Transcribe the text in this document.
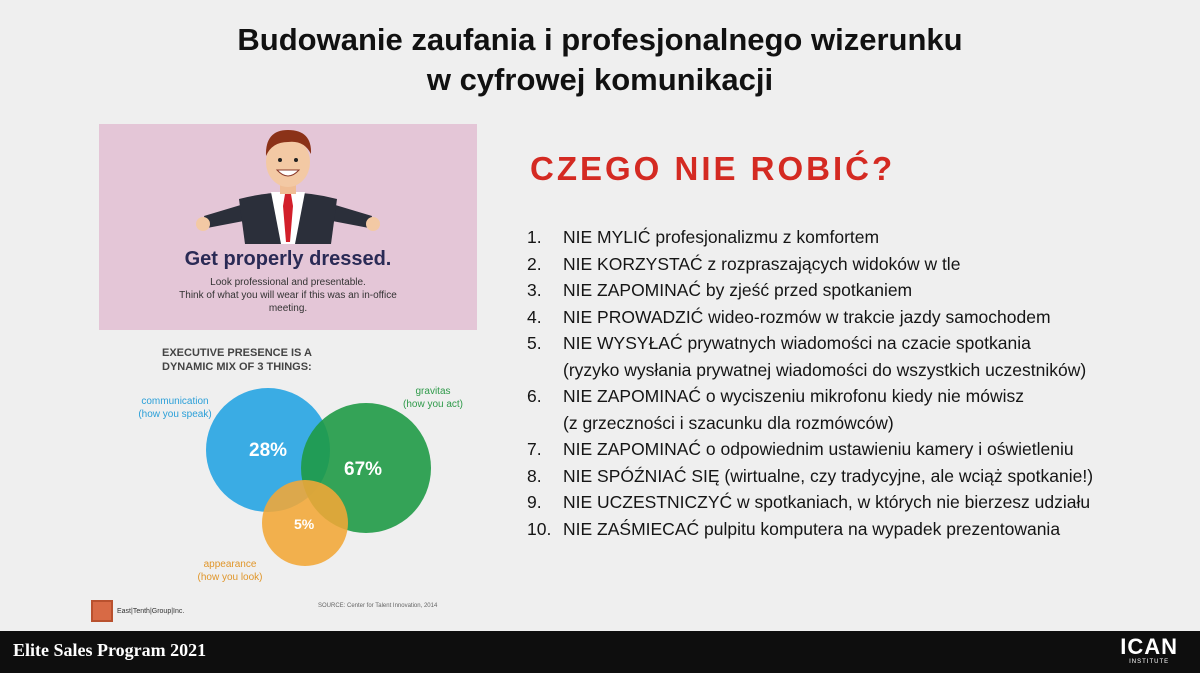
Budowanie zaufania i profesjonalnego wizerunku
w cyfrowej komunikacji
Get properly dressed.
Look professional and presentable.
Think of what you will wear if this was an in-office
meeting.
EXECUTIVE PRESENCE IS A
DYNAMIC MIX OF 3 THINGS:
communication
(how you speak)
gravitas
(how you act)
appearance
(how you look)
28%
67%
5%
East|Tenth|Group|Inc.
SOURCE: Center for Talent Innovation, 2014
CZEGO NIE ROBIĆ?
1.	NIE MYLIĆ profesjonalizmu z komfortem
2.	NIE KORZYSTAĆ z rozpraszających widoków w tle
3.	NIE ZAPOMINAĆ by zjeść przed spotkaniem
4.	NIE PROWADZIĆ wideo-rozmów w trakcie jazdy samochodem
5.	NIE WYSYŁAĆ prywatnych wiadomości na czacie spotkania
(ryzyko wysłania prywatnej wiadomości do wszystkich uczestników)
6.	NIE ZAPOMINAĆ o wyciszeniu mikrofonu kiedy nie mówisz
(z grzeczności i szacunku dla rozmówców)
7.	NIE ZAPOMINAĆ o odpowiednim ustawieniu kamery i oświetleniu
8.	NIE SPÓŹNIAĆ SIĘ (wirtualne, czy tradycyjne, ale wciąż spotkanie!)
9.	NIE UCZESTNICZYĆ w spotkaniach, w których nie bierzesz udziału
10. NIE ZAŚMIECAĆ pulpitu komputera na wypadek prezentowania
Elite Sales Program 2021	ICAN
INSTITUTE
